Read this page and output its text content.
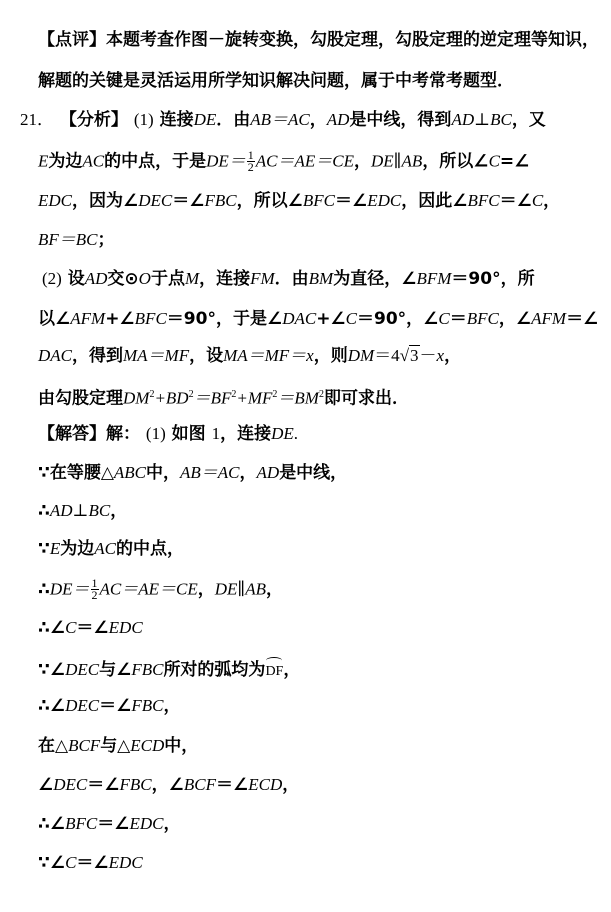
【点评】本题考查作图－旋转变换，勾股定理，勾股定理的逆定理等知识，
解题的关键是灵活运用所学知识解决问题，属于中考常考题型．
21． 【分析】 (1) 连接DE．由AB＝AC，AD是中线，得到AD⊥BC，又
E为边AC的中点，于是$DE= \frac{1}{2} AC=AE=CE$，DE∥AB，所以∠C=∠
EDC，因为∠DEC＝∠FBC，所以∠BFC＝∠EDC，因此∠BFC＝∠C，
BF＝BC；
(2) 设AD交⊙O于点M，连接FM．由BM为直径，∠BFM＝90°，所
以∠AFM+∠BFC＝90°，于是∠DAC+∠C＝90°，∠C＝BFC，∠AFM＝∠
DAC，得到MA＝MF，设MA＝MF＝x，则DM＝4√3－x，
由勾股定理$DM^2+BD^2=BF^2+MF^2=BM^2$即可求出．
【解答】解： (1) 如图 1，连接DE.
∵在等腰△ABC中，AB＝AC，AD是中线，
∴AD⊥BC，
∵E为边AC的中点，
∴DE＝ $\frac{1}{2} AC=AE=CE$，DE∥AB，
∴∠C＝∠EDC
∵∠DEC与∠FBC所对的弧均为DF，
∴∠DEC＝∠FBC，
在△BCF与△ECD中，
∠DEC＝∠FBC，∠BCF＝∠ECD，
∴∠BFC＝∠EDC，
∵∠C＝∠EDC
